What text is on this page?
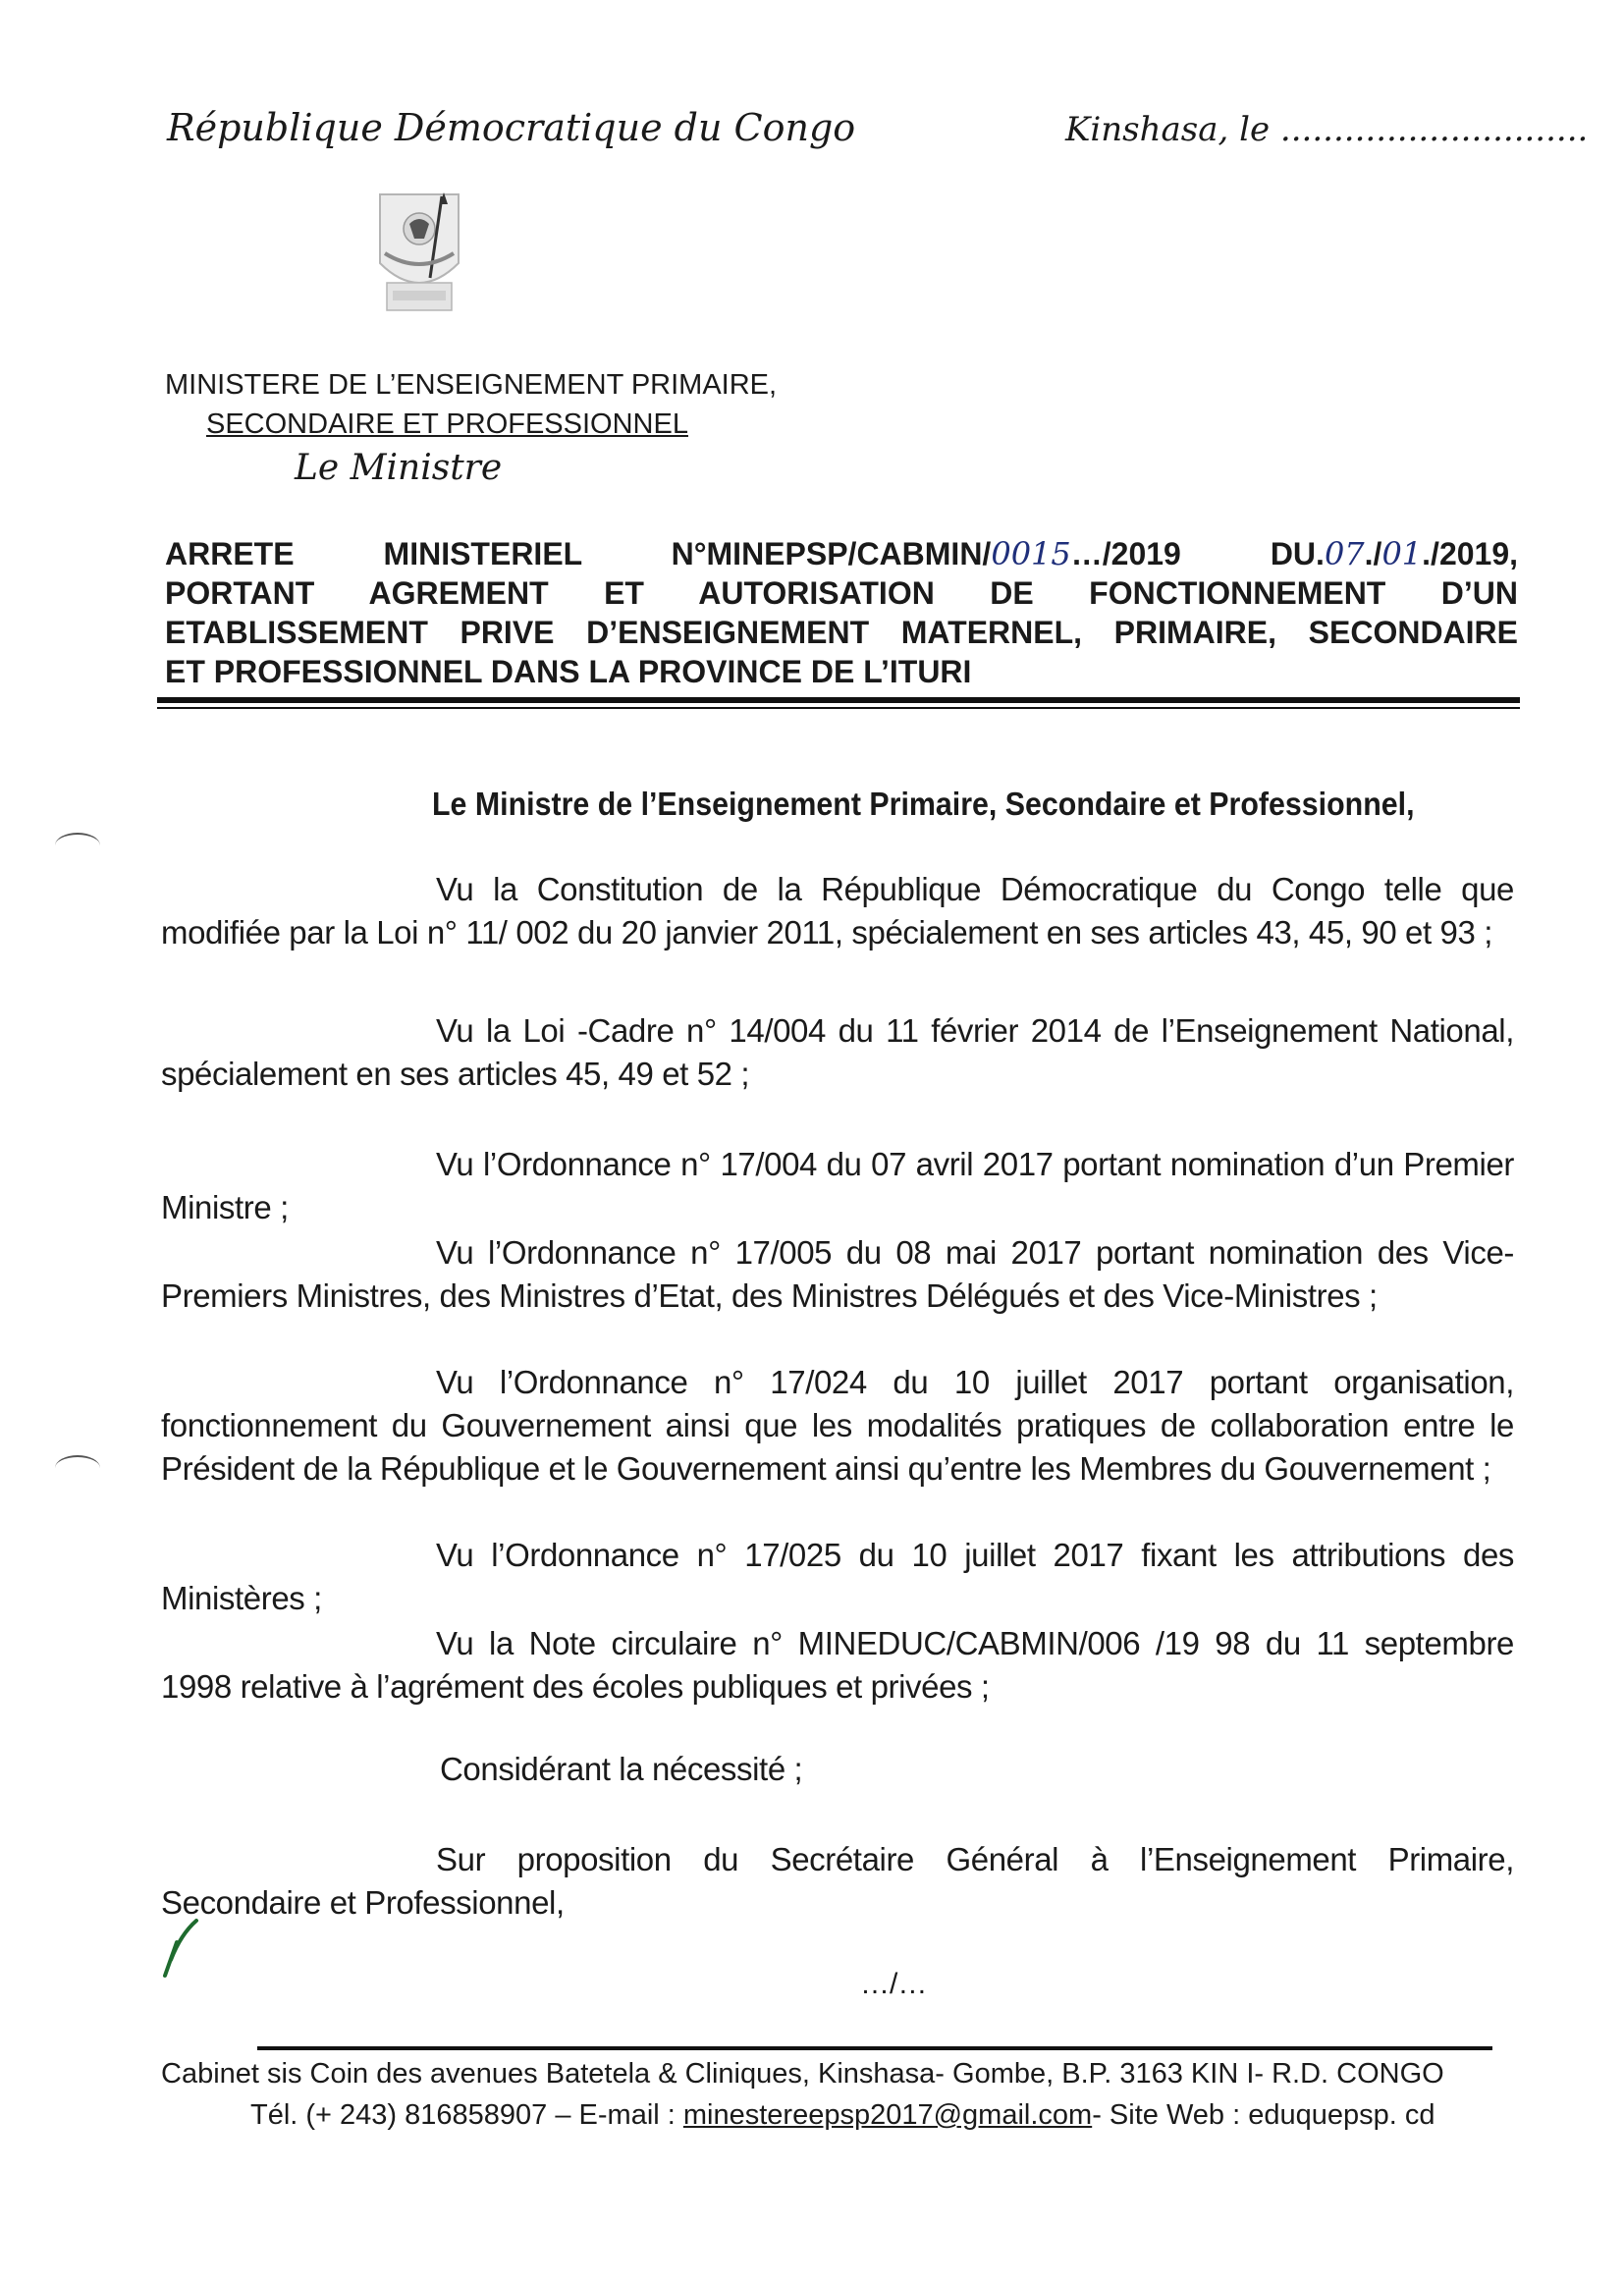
République Démocratique du Congo	Kinshasa, le .............................
MINISTERE DE L’ENSEIGNEMENT PRIMAIRE,
SECONDAIRE ET PROFESSIONNEL
Le Ministre
ARRETE MINISTERIEL N°MINEPSP/CABMIN/0015…/2019 DU.07./01./2019,
PORTANT AGREMENT ET AUTORISATION DE FONCTIONNEMENT D’UN
ETABLISSEMENT PRIVE D’ENSEIGNEMENT MATERNEL, PRIMAIRE, SECONDAIRE
ET PROFESSIONNEL DANS LA PROVINCE DE L’ITURI
Le Ministre de l’Enseignement Primaire, Secondaire et Professionnel,
Vu la Constitution de la République Démocratique du Congo telle que modifiée par la Loi n° 11/ 002 du 20 janvier 2011, spécialement en ses articles 43, 45, 90 et 93 ;
Vu la Loi -Cadre n° 14/004 du 11 février 2014 de l’Enseignement National, spécialement en ses articles 45, 49 et 52 ;
Vu l’Ordonnance n° 17/004 du 07 avril 2017 portant nomination d’un Premier Ministre ;
Vu l’Ordonnance n° 17/005 du 08 mai 2017 portant nomination des Vice-Premiers Ministres, des Ministres d’Etat, des Ministres Délégués et des Vice-Ministres ;
Vu l’Ordonnance n° 17/024 du 10 juillet 2017 portant organisation, fonctionnement du Gouvernement ainsi que les modalités pratiques de collaboration entre le Président de la République et le Gouvernement ainsi qu’entre les Membres du Gouvernement ;
Vu l’Ordonnance n° 17/025 du 10 juillet 2017 fixant les attributions des Ministères ;
Vu la Note circulaire n° MINEDUC/CABMIN/006 /19 98 du 11 septembre 1998 relative à l’agrément des écoles publiques et privées ;
Considérant la nécessité ;
Sur proposition du Secrétaire Général à l’Enseignement Primaire, Secondaire et Professionnel,
…/…
Cabinet sis Coin des avenues Batetela & Cliniques, Kinshasa- Gombe, B.P. 3163 KIN I- R.D. CONGO
Tél. (+ 243) 816858907 – E-mail : minestereepsp2017@gmail.com- Site Web : eduquepsp. cd
